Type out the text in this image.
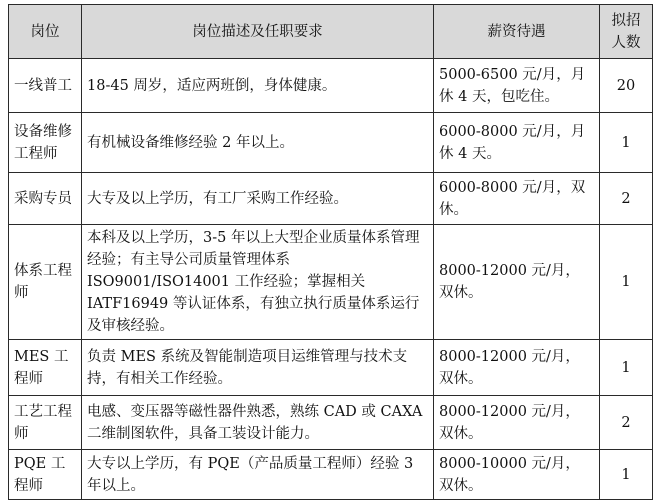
岗位	岗位描述及任职要求	薪资待遇	拟招人数
一线普工	18-45 周岁，适应两班倒，身体健康。	5000-6500 元/月，月休 4 天，包吃住。	20
设备维修工程师	有机械设备维修经验 2 年以上。	6000-8000 元/月，月休 4 天。	1
采购专员	大专及以上学历，有工厂采购工作经验。	6000-8000 元/月，双休。	2
体系工程师	本科及以上学历，3-5 年以上大型企业质量体系管理经验；有主导公司质量管理体系 ISO9001/ISO14001 工作经验；掌握相关 IATF16949 等认证体系，有独立执行质量体系运行及审核经验。	8000-12000 元/月，双休。	1
MES 工程师	负责 MES 系统及智能制造项目运维管理与技术支持，有相关工作经验。	8000-12000 元/月，双休。	1
工艺工程师	电感、变压器等磁性器件熟悉，熟练 CAD 或 CAXA 二维制图软件，具备工装设计能力。	8000-12000 元/月，双休。	2
PQE 工程师	大专以上学历，有 PQE（产品质量工程师）经验 3 年以上。	8000-10000 元/月，双休。	1
